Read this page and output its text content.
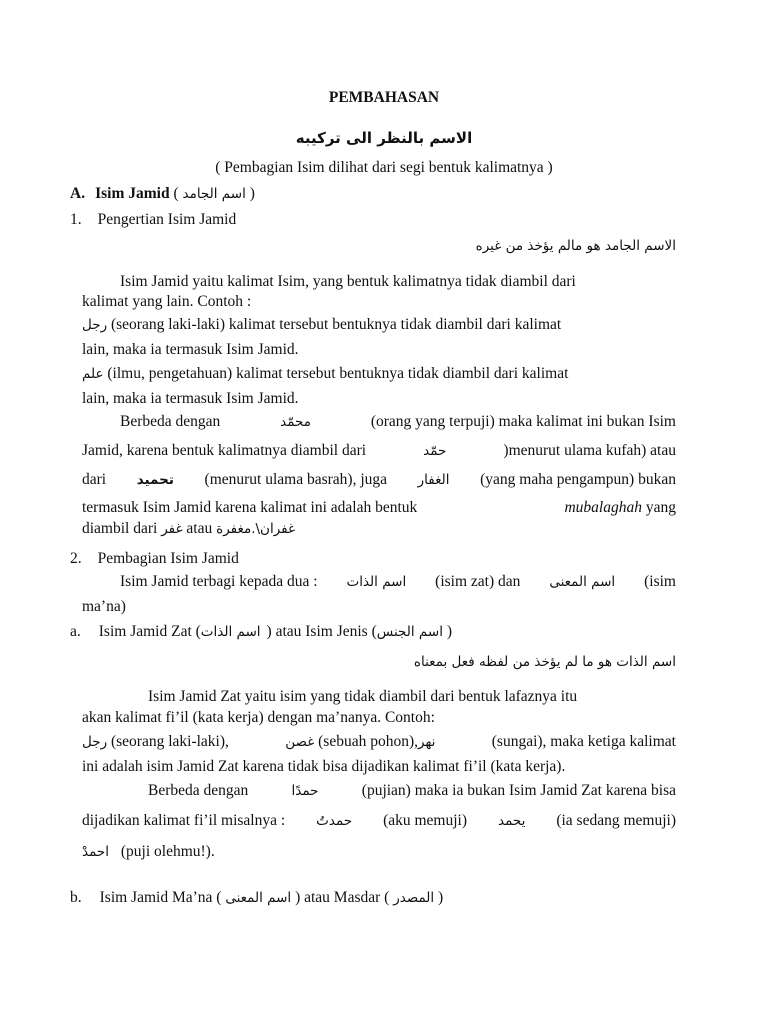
PEMBAHASAN
الاسم بالنظر الى تركيبه
( Pembagian Isim dilihat dari segi bentuk kalimatnya )
A. Isim Jamid ( اسم الجامد )
1. Pengertian Isim Jamid
الاسم الجامد هو مالم يؤخذ من غيره
Isim Jamid yaitu kalimat Isim, yang bentuk kalimatnya tidak diambil dari
kalimat yang lain. Contoh :
رجل (seorang laki-laki) kalimat tersebut bentuknya tidak diambil dari kalimat
lain, maka ia termasuk Isim Jamid.
علم (ilmu, pengetahuan) kalimat tersebut bentuknya tidak diambil dari kalimat
lain, maka ia termasuk Isim Jamid.
Berbeda dengan	محمّد	(orang yang terpuji) maka kalimat ini bukan Isim
Jamid, karena bentuk kalimatnya diambil dari	حمّد	)menurut ulama kufah) atau
dari تحميد (menurut ulama basrah), juga الغفار (yang maha pengampun) bukan
termasuk Isim Jamid karena kalimat ini adalah bentuk	mubalaghah yang
diambil dari غفر atau غفران\.مغفرة
2. Pembagian Isim Jamid
Isim Jamid terbagi kepada dua : اسم الذات (isim zat) dan اسم المعنى (isim
ma’na)
a. Isim Jamid Zat (اسم الذات ) atau Isim Jenis (اسم الجنس )
اسم الذات هو ما لم يؤخذ من لفظه فعل بمعناه
Isim Jamid Zat yaitu isim yang tidak diambil dari bentuk lafaznya itu
akan kalimat fi’il (kata kerja) dengan ma’nanya. Contoh:
رجل (seorang laki-laki),	غصن (sebuah pohon),نهر	(sungai), maka ketiga kalimat
ini adalah isim Jamid Zat karena tidak bisa dijadikan kalimat fi’il (kata kerja).
Berbeda dengan	حمدًا	(pujian) maka ia bukan Isim Jamid Zat karena bisa
dijadikan kalimat fi’il misalnya : حمدتُ (aku memuji) يحمد (ia sedang memuji)
احمدْ (puji olehmu!).
b. Isim Jamid Ma’na ( اسم المعنى ) atau Masdar ( المصدر )
